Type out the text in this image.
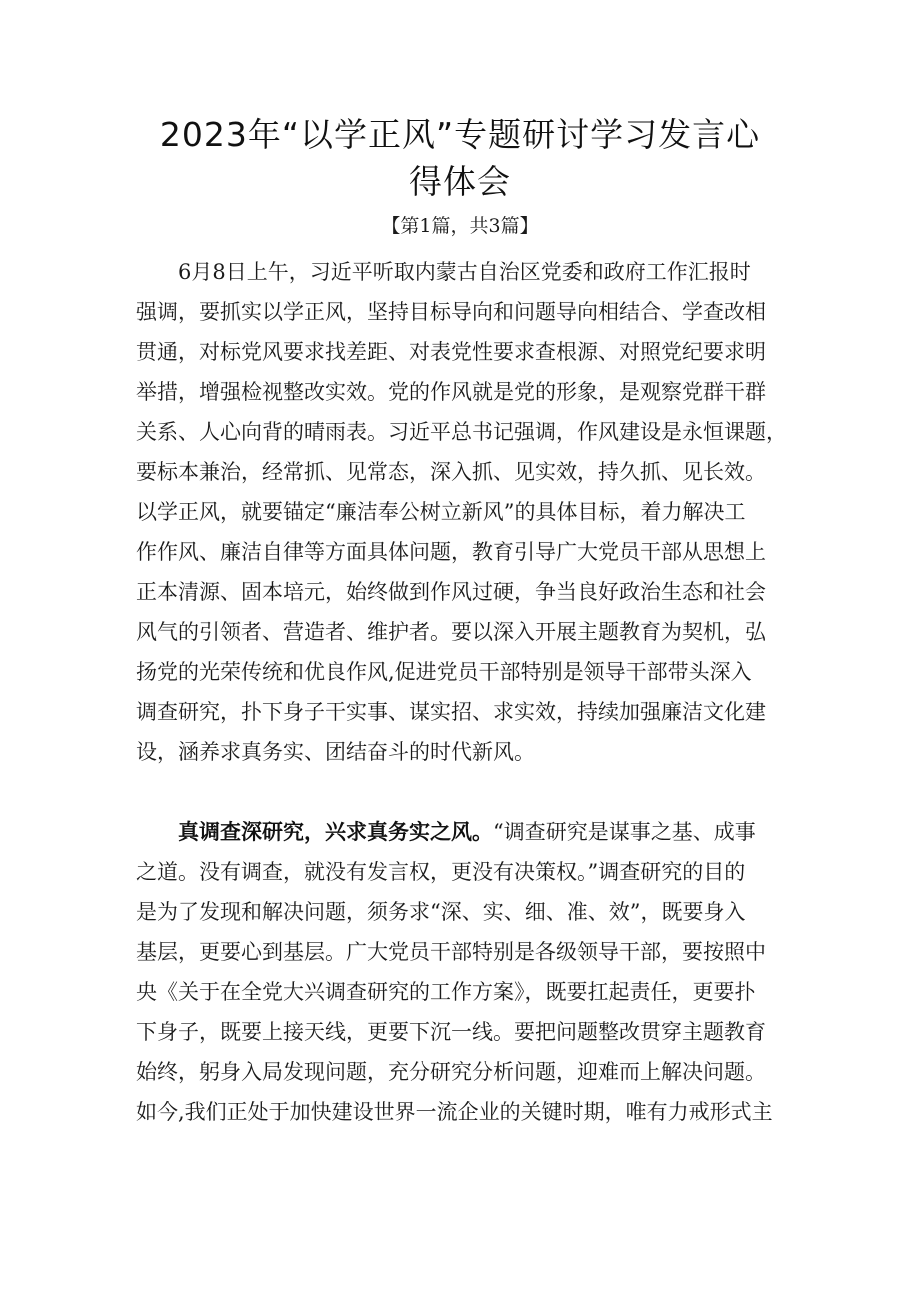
2023年“以学正风”专题研讨学习发言心
得体会
【第1篇，共3篇】
　　6月8日上午，习近平听取内蒙古自治区党委和政府工作汇报时
强调，要抓实以学正风，坚持目标导向和问题导向相结合、学查改相
贯通，对标党风要求找差距、对表党性要求查根源、对照党纪要求明
举措，增强检视整改实效。党的作风就是党的形象，是观察党群干群
关系、人心向背的晴雨表。习近平总书记强调，作风建设是永恒课题，
要标本兼治，经常抓、见常态，深入抓、见实效，持久抓、见长效。
以学正风，就要锚定“廉洁奉公树立新风”的具体目标，着力解决工
作作风、廉洁自律等方面具体问题，教育引导广大党员干部从思想上
正本清源、固本培元，始终做到作风过硬，争当良好政治生态和社会
风气的引领者、营造者、维护者。要以深入开展主题教育为契机，弘
扬党的光荣传统和优良作风,促进党员干部特别是领导干部带头深入
调查研究，扑下身子干实事、谋实招、求实效，持续加强廉洁文化建
设，涵养求真务实、团结奋斗的时代新风。
　　真调查深研究，兴求真务实之风。“调查研究是谋事之基、成事
之道。没有调查，就没有发言权，更没有决策权。”调查研究的目的
是为了发现和解决问题，须务求“深、实、细、准、效”，既要身入
基层，更要心到基层。广大党员干部特别是各级领导干部，要按照中
央《关于在全党大兴调查研究的工作方案》，既要扛起责任，更要扑
下身子，既要上接天线，更要下沉一线。要把问题整改贯穿主题教育
始终，躬身入局发现问题，充分研究分析问题，迎难而上解决问题。
如今,我们正处于加快建设世界一流企业的关键时期，唯有力戒形式主
